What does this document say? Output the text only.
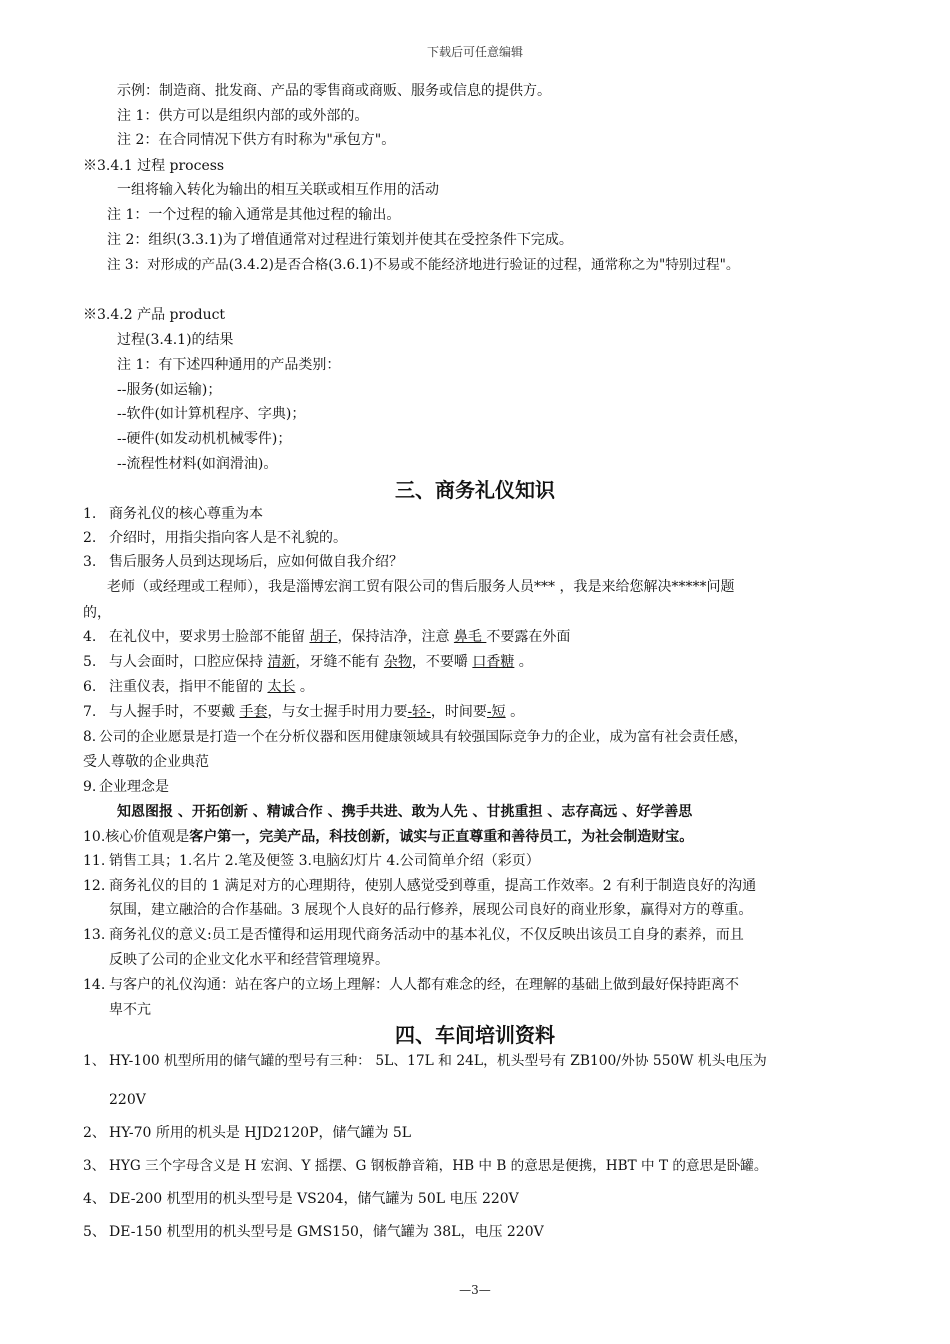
下载后可任意编辑
示例：制造商、批发商、产品的零售商或商贩、服务或信息的提供方。
注 1：供方可以是组织内部的或外部的。
注 2：在合同情况下供方有时称为"承包方"。
※3.4.1 过程 process
一组将输入转化为输出的相互关联或相互作用的活动
注 1：一个过程的输入通常是其他过程的输出。
注 2：组织(3.3.1)为了增值通常对过程进行策划并使其在受控条件下完成。
注 3：对形成的产品(3.4.2)是否合格(3.6.1)不易或不能经济地进行验证的过程，通常称之为"特别过程"。
※3.4.2 产品 product
过程(3.4.1)的结果
注 1：有下述四种通用的产品类别：
--服务(如运输)；
--软件(如计算机程序、字典)；
--硬件(如发动机机械零件)；
--流程性材料(如润滑油)。
三、商务礼仪知识
1. 商务礼仪的核心尊重为本
2. 介绍时，用指尖指向客人是不礼貌的。
3. 售后服务人员到达现场后，应如何做自我介绍？
老师（或经理或工程师），我是淄博宏润工贸有限公司的售后服务人员*** ，我是来给您解决*****问题
的，
4. 在礼仪中，要求男士脸部不能留 胡子，保持洁净，注意 鼻毛 不要露在外面
5. 与人会面时，口腔应保持 清新，牙缝不能有 杂物，不要嚼 口香糖 。
6. 注重仪表，指甲不能留的 太长 。
7. 与人握手时，不要戴 手套，与女士握手时用力要-轻-，时间要-短 。
8. 公司的企业愿景是打造一个在分析仪器和医用健康领域具有较强国际竞争力的企业，成为富有社会责任感，
受人尊敬的企业典范
9. 企业理念是
知恩图报 、开拓创新 、精诚合作 、携手共进、敢为人先 、甘挑重担 、志存高远 、好学善思
10.核心价值观是客户第一，完美产品，科技创新，诚实与正直尊重和善待员工，为社会制造财宝。
11. 销售工具；1.名片 2.笔及便签 3.电脑幻灯片 4.公司简单介绍（彩页）
12. 商务礼仪的目的 1 满足对方的心理期待，使别人感觉受到尊重，提高工作效率。2 有利于制造良好的沟通
氛围，建立融洽的合作基础。3 展现个人良好的品行修养，展现公司良好的商业形象，赢得对方的尊重。
13. 商务礼仪的意义:员工是否懂得和运用现代商务活动中的基本礼仪，不仅反映出该员工自身的素养，而且
反映了公司的企业文化水平和经营管理境界。
14. 与客户的礼仪沟通：站在客户的立场上理解：人人都有难念的经，在理解的基础上做到最好保持距离不
卑不亢
四、车间培训资料
1、 HY-100 机型所用的储气罐的型号有三种： 5L、17L 和 24L，机头型号有 ZB100/外协 550W 机头电压为
220V
2、 HY-70 所用的机头是 HJD2120P，储气罐为 5L
3、 HYG 三个字母含义是 H 宏润、Y 摇摆、G 钢板静音箱，HB 中 B 的意思是便携，HBT 中 T 的意思是卧罐。
4、 DE-200 机型用的机头型号是 VS204，储气罐为 50L 电压 220V
5、 DE-150 机型用的机头型号是 GMS150，储气罐为 38L，电压 220V
—3—
